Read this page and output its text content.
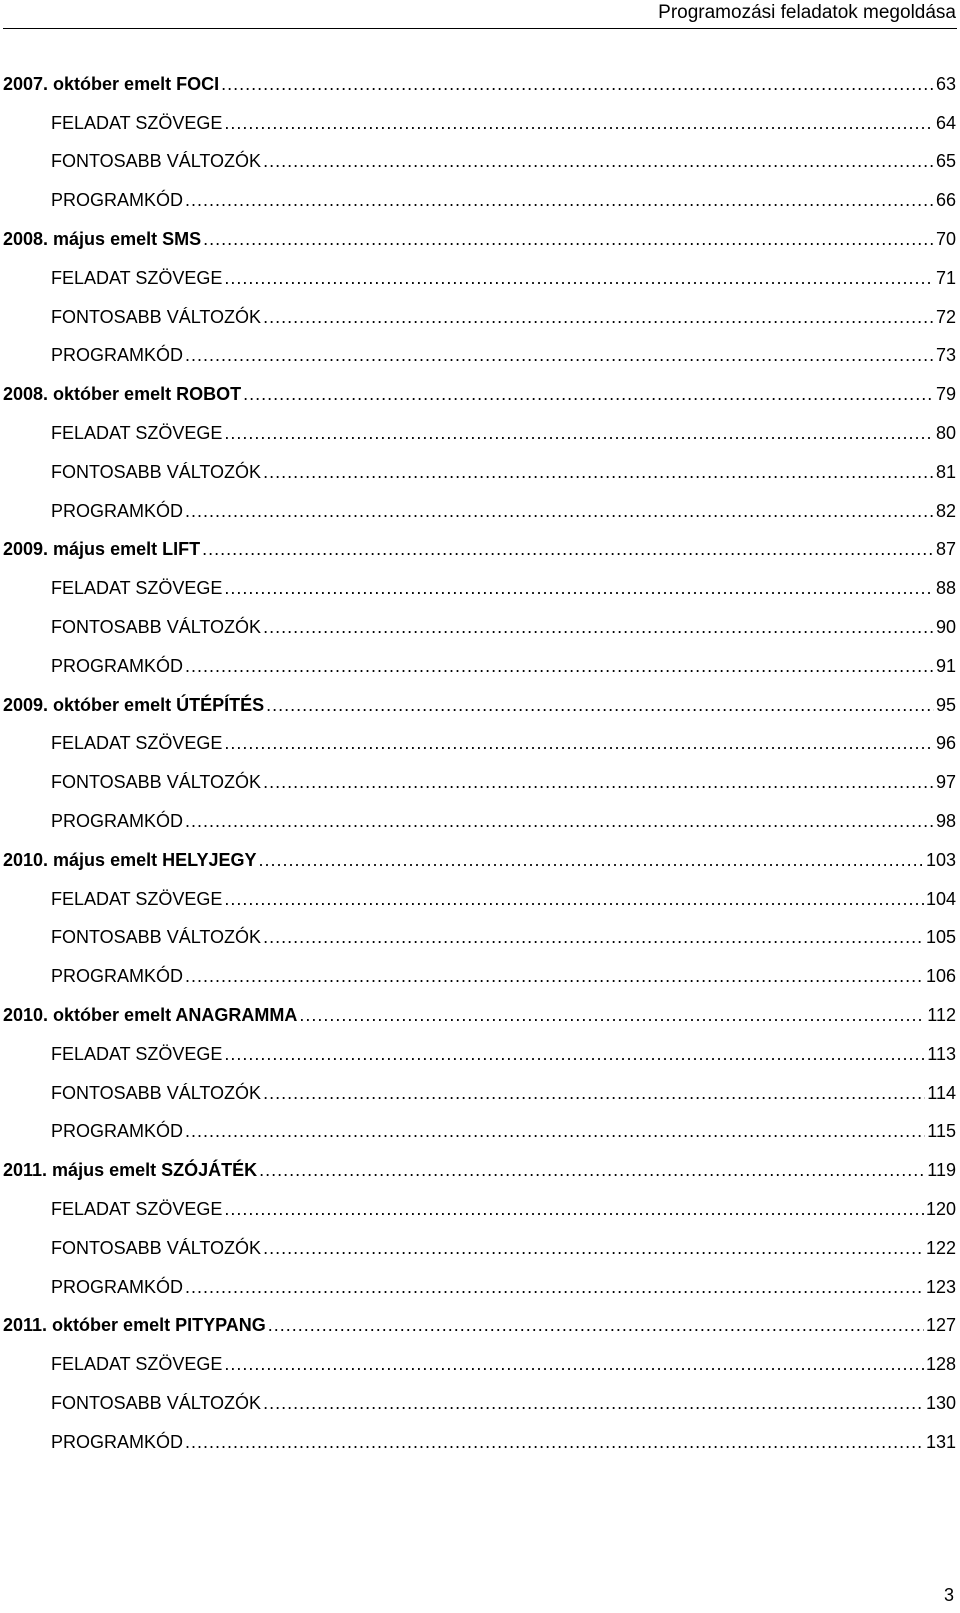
Programozási feladatok megoldása
2007. október emelt FOCI .....	63
FELADAT SZÖVEGE .....	64
FONTOSABB VÁLTOZÓK .....	65
PROGRAMKÓD .....	66
2008. május emelt SMS .....	70
FELADAT SZÖVEGE .....	71
FONTOSABB VÁLTOZÓK .....	72
PROGRAMKÓD .....	73
2008. október emelt ROBOT .....	79
FELADAT SZÖVEGE .....	80
FONTOSABB VÁLTOZÓK .....	81
PROGRAMKÓD .....	82
2009. május emelt LIFT .....	87
FELADAT SZÖVEGE .....	88
FONTOSABB VÁLTOZÓK .....	90
PROGRAMKÓD .....	91
2009. október emelt ÚTÉPÍTÉS .....	95
FELADAT SZÖVEGE .....	96
FONTOSABB VÁLTOZÓK .....	97
PROGRAMKÓD .....	98
2010. május emelt HELYJEGY .....	103
FELADAT SZÖVEGE .....	104
FONTOSABB VÁLTOZÓK .....	105
PROGRAMKÓD .....	106
2010. október emelt ANAGRAMMA .....	112
FELADAT SZÖVEGE .....	113
FONTOSABB VÁLTOZÓK .....	114
PROGRAMKÓD .....	115
2011. május emelt SZÓJÁTÉK .....	119
FELADAT SZÖVEGE .....	120
FONTOSABB VÁLTOZÓK .....	122
PROGRAMKÓD .....	123
2011. október emelt PITYPANG .....	127
FELADAT SZÖVEGE .....	128
FONTOSABB VÁLTOZÓK .....	130
PROGRAMKÓD .....	131
3
